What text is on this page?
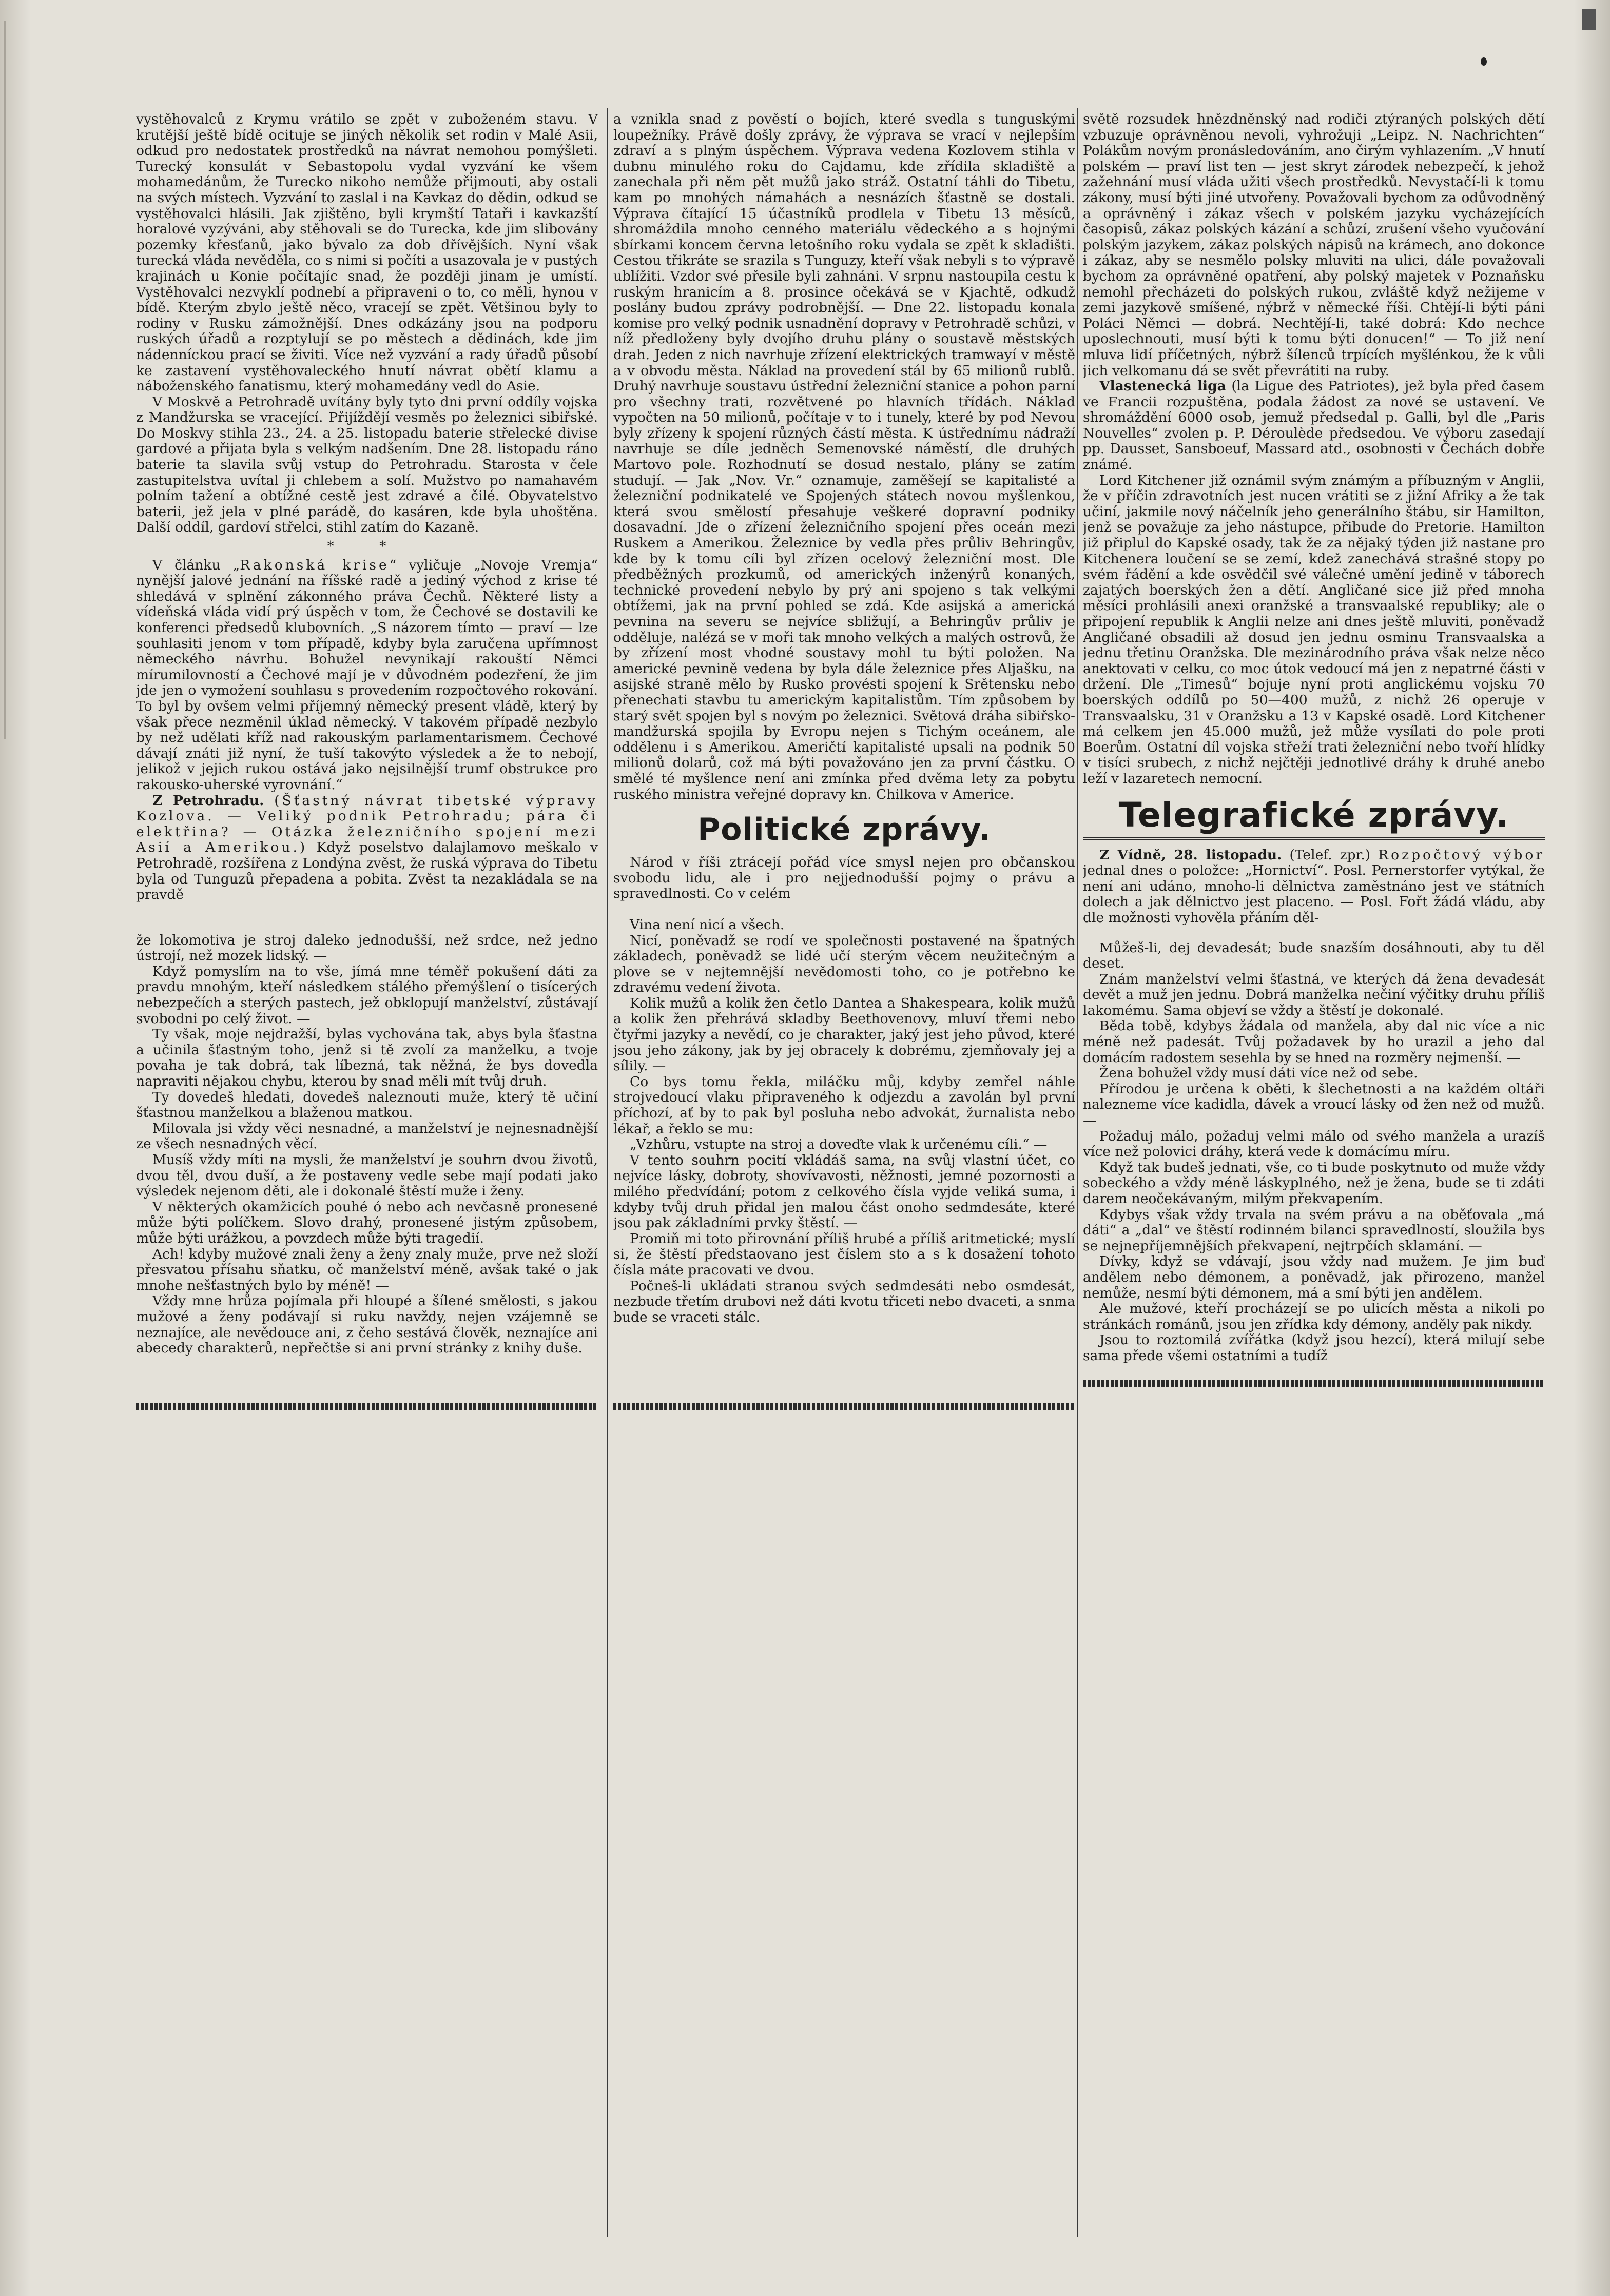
vystěhovalců z Krymu vrátilo se zpět v zuboženém stavu. V krutější ještě bídě ocituje se jiných několik set rodin v Malé Asii, odkud pro nedostatek prostředků na návrat nemohou pomýšleti. Turecký konsulát v Sebastopolu vydal vyzvání ke všem mohamedánům, že Turecko nikoho nemůže přijmouti, aby ostali na svých místech. Vyzvání to zaslal i na Kavkaz do dědin, odkud se vystěhovalci hlásili. Jak zjištěno, byli krymští Tataři i kavkazští horalové vyzýváni, aby stěhovali se do Turecka, kde jim slibovány pozemky křesťanů, jako bývalo za dob dřívějších. Nyní však turecká vláda nevěděla, co s nimi si počíti a usazovala je v pustých krajinách u Konie počítajíc snad, že později jinam je umístí. Vystěhovalci nezvyklí podnebí a připraveni o to, co měli, hynou v bídě. Kterým zbylo ještě něco, vracejí se zpět. Většinou byly to rodiny v Rusku zámožnější. Dnes odkázány jsou na podporu ruských úřadů a rozptylují se po městech a dědinách, kde jim nádenníckou prací se živiti. Více než vyzvání a rady úřadů působí ke zastavení vystěhovaleckého hnutí návrat obětí klamu a náboženského fanatismu, který mohamedány vedl do Asie.

V Moskvě a Petrohradě uvítány byly tyto dni první oddíly vojska z Mandžurska se vracející. Přijíždějí vesměs po železnici sibiřské. Do Moskvy stihla 23., 24. a 25. listopadu baterie střelecké divise gardové a přijata byla s velkým nadšením. Dne 28. listopadu ráno baterie ta slavila svůj vstup do Petrohradu. Starosta v čele zastupitelstva uvítal ji chlebem a solí. Mužstvo po namahavém polním tažení a obtížné cestě jest zdravé a čilé. Obyvatelstvo baterii, jež jela v plné parádě, do kasáren, kde byla uhoštěna. Další oddíl, gardoví střelci, stihl zatím do Kazaně.

* *

V článku „Rakonská krise“ vyličuje „Novoje Vremja“ nynější jalové jednání na říšské radě a jediný východ z krise té shledává v splnění zákonného práva Čechů. Některé listy a vídeňská vláda vidí prý úspěch v tom, že Čechové se dostavili ke konferenci předsedů klubovních. „S názorem tímto — praví — lze souhlasiti jenom v tom případě, kdyby byla zaručena upřímnost německého návrhu. Bohužel nevynikají rakouští Němci mírumilovností a Čechové mají je v důvodném podezření, že jim jde jen o vymožení souhlasu s provedením rozpočtového rokování. To byl by ovšem velmi příjemný německý present vládě, který by však přece nezměnil úklad německý. V takovém případě nezbylo by než udělati kříž nad rakouským parlamentarismem. Čechové dávají znáti již nyní, že tuší takovýto výsledek a že to nebojí, jelikož v jejich rukou ostává jako nejsilnější trumf obstrukce pro rakousko-uherské vyrovnání.“

Z Petrohradu. (Šťastný návrat tibetské výpravy Kozlova. — Veliký podnik Petrohradu; pára či elektřina? — Otázka železničního spojení mezi Asií a Amerikou.) Když poselstvo dalajlamovo meškalo v Petrohradě, rozšířena z Londýna zvěst, že ruská výprava do Tibetu byla od Tunguzů přepadena a pobita. Zvěst ta nezakládala se na pravdě

že lokomotiva je stroj daleko jednodušší, než srdce, než jedno ústrojí, než mozek lidský. —

Když pomyslím na to vše, jímá mne téměř pokušení dáti za pravdu mnohým, kteří následkem stálého přemýšlení o tisícerých nebezpečích a sterých pastech, jež obklopují manželství, zůstávají svobodni po celý život. —

Ty však, moje nejdražší, bylas vychována tak, abys byla šťastna a učinila šťastným toho, jenž si tě zvolí za manželku, a tvoje povaha je tak dobrá, tak líbezná, tak něžná, že bys dovedla napraviti nějakou chybu, kterou by snad měli mít tvůj druh.

Ty dovedeš hledati, dovedeš naleznouti muže, který tě učiní šťastnou manželkou a blaženou matkou.

Milovala jsi vždy věci nesnadné, a manželství je nejnesnadnější ze všech nesnadných věcí.

Musíš vždy míti na mysli, že manželství je souhrn dvou životů, dvou těl, dvou duší, a že postaveny vedle sebe mají podati jako výsledek nejenom děti, ale i dokonalé štěstí muže i ženy.

V některých okamžicích pouhé ó nebo ach nevčasně pronesené může býti políčkem. Slovo drahý, pronesené jistým způsobem, může býti urážkou, a povzdech může býti tragedií.

Ach! kdyby mužové znali ženy a ženy znaly muže, prve než složí přesvatou přísahu sňatku, oč manželství méně, avšak také o jak mnohe nešťastných bylo by méně! —

Vždy mne hrůza pojímala při hloupé a šílené smělosti, s jakou mužové a ženy podávají si ruku navždy, nejen vzájemně se neznajíce, ale nevědouce ani, z čeho sestává člověk, neznajíce ani abecedy charakterů, nepřečtše si ani první stránky z knihy duše.

a vznikla snad z pověstí o bojích, které svedla s tunguskými loupežníky. Právě došly zprávy, že výprava se vrací v nejlepším zdraví a s plným úspěchem. Výprava vedena Kozlovem stihla v dubnu minulého roku do Cajdamu, kde zřídila skladiště a zanechala při něm pět mužů jako stráž. Ostatní táhli do Tibetu, kam po mnohých námahách a nesnázích šťastně se dostali. Výprava čítající 15 účastníků prodlela v Tibetu 13 měsíců, shromáždila mnoho cenného materiálu vědeckého a s hojnými sbírkami koncem června letošního roku vydala se zpět k skladišti. Cestou třikráte se srazila s Tunguzy, kteří však nebyli s to výpravě ublížiti. Vzdor své přesile byli zahnáni. V srpnu nastoupila cestu k ruským hranicím a 8. prosince očekává se v Kjachtě, odkudž poslány budou zprávy podrobnější. — Dne 22. listopadu konala komise pro velký podnik usnadnění dopravy v Petrohradě schůzi, v níž předloženy byly dvojího druhu plány o soustavě městských drah. Jeden z nich navrhuje zřízení elektrických tramwayí v městě a v obvodu města. Náklad na provedení stál by 65 milionů rublů. Druhý navrhuje soustavu ústřední železniční stanice a pohon parní pro všechny trati, rozvětvené po hlavních třídách. Náklad vypočten na 50 milionů, počítaje v to i tunely, které by pod Nevou byly zřízeny k spojení různých částí města. K ústřednímu nádraží navrhuje se díle jedněch Semenovské náměstí, dle druhých Martovo pole. Rozhodnutí se dosud nestalo, plány se zatím studují. — Jak „Nov. Vr.“ oznamuje, zaměšejí se kapitalisté a železniční podnikatelé ve Spojených státech novou myšlenkou, která svou smělostí přesahuje veškeré dopravní podniky dosavadní. Jde o zřízení železničního spojení přes oceán mezi Ruskem a Amerikou. Železnice by vedla přes průliv Behringův, kde by k tomu cíli byl zřízen ocelový železniční most. Dle předběžných prozkumů, od amerických inženýrů konaných, technické provedení nebylo by prý ani spojeno s tak velkými obtížemi, jak na první pohled se zdá. Kde asijská a americká pevnina na severu se nejvíce sbližují, a Behringův průliv je odděluje, nalézá se v moři tak mnoho velkých a malých ostrovů, že by zřízení most vhodné soustavy mohl tu býti položen. Na americké pevnině vedena by byla dále železnice přes Aljašku, na asijské straně mělo by Rusko provésti spojení k Srětensku nebo přenechati stavbu tu americkým kapitalistům. Tím způsobem by starý svět spojen byl s novým po železnici. Světová dráha sibiřsko-mandžurská spojila by Evropu nejen s Tichým oceánem, ale oddělenu i s Amerikou. Američtí kapitalisté upsali na podnik 50 milionů dolarů, což má býti považováno jen za první částku. O smělé té myšlence není ani zmínka před dvěma lety za pobytu ruského ministra veřejné dopravy kn. Chilkova v Americe.

Politické zprávy.

Národ v říši ztrácejí pořád více smysl nejen pro občanskou svobodu lidu, ale i pro nejjednodušší pojmy o právu a spravedlnosti. Co v celém

Vina není nicí a všech.

Nicí, poněvadž se rodí ve společnosti postavené na špatných základech, poněvadž se lidé učí sterým věcem neužitečným a plove se v nejtemnější nevědomosti toho, co je potřebno ke zdravému vedení života.

Kolik mužů a kolik žen četlo Dantea a Shakespeara, kolik mužů a kolik žen přehrává skladby Beethovenovy, mluví třemi nebo čtyřmi jazyky a nevědí, co je charakter, jaký jest jeho původ, které jsou jeho zákony, jak by jej obracely k dobrému, zjemňovaly jej a sílily. —

Co bys tomu řekla, miláčku můj, kdyby zemřel náhle strojvedoucí vlaku připraveného k odjezdu a zavolán byl první příchozí, ať by to pak byl posluha nebo advokát, žurnalista nebo lékař, a řeklo se mu:

„Vzhůru, vstupte na stroj a doveďte vlak k určenému cíli.“ —

V tento souhrn pocití vkládáš sama, na svůj vlastní účet, co nejvíce lásky, dobroty, shovívavosti, něžnosti, jemné pozornosti a milého předvídání; potom z celkového čísla vyjde veliká suma, i kdyby tvůj druh přidal jen malou část onoho sedmdesáte, které jsou pak základními prvky štěstí. —

Promiň mi toto přirovnání příliš hrubé a příliš aritmetické; myslí si, že štěstí předstaovano jest číslem sto a s k dosažení tohoto čísla máte pracovati ve dvou.

Počneš-li ukládati stranou svých sedmdesáti nebo osmdesát, nezbude třetím drubovi než dáti kvotu třiceti nebo dvaceti, a snma bude se vraceti stálc.

světě rozsudek hnězdněnský nad rodiči ztýraných polských dětí vzbuzuje oprávněnou nevoli, vyhrožuji „Leipz. N. Nachrichten“ Polákům novým pronásledováním, ano čirým vyhlazením. „V hnutí polském — praví list ten — jest skryt zárodek nebezpečí, k jehož zažehnání musí vláda užiti všech prostředků. Nevystačí-li k tomu zákony, musí býti jiné utvořeny. Považovali bychom za odůvodněný a oprávněný i zákaz všech v polském jazyku vycházejících časopisů, zákaz polských kázání a schůzí, zrušení všeho vyučování polským jazykem, zákaz polských nápisů na krámech, ano dokonce i zákaz, aby se nesmělo polsky mluviti na ulici, dále považovali bychom za oprávněné opatření, aby polský majetek v Poznaňsku nemohl přecházeti do polských rukou, zvláště když nežijeme v zemi jazykově smíšené, nýbrž v německé říši. Chtějí-li býti páni Poláci Němci — dobrá. Nechtějí-li, také dobrá: Kdo nechce uposlechnouti, musí býti k tomu býti donucen!“ — To již není mluva lidí příčetných, nýbrž šílenců trpících myšlénkou, že k vůli jich velkomanu dá se svět převrátiti na ruby.

Vlastenecká liga (la Ligue des Patriotes), jež byla před časem ve Francii rozpuštěna, podala žádost za nové se ustavení. Ve shromáždění 6000 osob, jemuž předsedal p. Galli, byl dle „Paris Nouvelles“ zvolen p. P. Déroulède předsedou. Ve výboru zasedají pp. Dausset, Sansboeuf, Massard atd., osobnosti v Čechách dobře známé.

Lord Kitchener již oznámil svým známým a příbuzným v Anglii, že v příčin zdravotních jest nucen vrátiti se z jižní Afriky a že tak učiní, jakmile nový náčelník jeho generálního štábu, sir Hamilton, jenž se považuje za jeho nástupce, přibude do Pretorie. Hamilton již připlul do Kapské osady, tak že za nějaký týden již nastane pro Kitchenera loučení se se zemí, kdež zanechává strašné stopy po svém řádění a kde osvědčil své válečné umění jedině v táborech zajatých boerských žen a dětí. Angličané sice již před mnoha měsíci prohlásili anexi oranžské a transvaalské republiky; ale o připojení republik k Anglii nelze ani dnes ještě mluviti, poněvadž Angličané obsadili až dosud jen jednu osminu Transvaalska a jednu třetinu Oranžska. Dle mezinárodního práva však nelze něco anektovati v celku, co moc útok vedoucí má jen z nepatrné části v držení. Dle „Timesů“ bojuje nyní proti anglickému vojsku 70 boerských oddílů po 50—400 mužů, z nichž 26 operuje v Transvaalsku, 31 v Oranžsku a 13 v Kapské osadě. Lord Kitchener má celkem jen 45.000 mužů, jež může vysílati do pole proti Boerům. Ostatní díl vojska střeží trati železniční nebo tvoří hlídky v tisíci srubech, z nichž nejčtěji jednotlivé dráhy k druhé anebo leží v lazaretech nemocní.

Telegrafické zprávy.

Z Vídně, 28. listopadu. (Telef. zpr.) Rozpočtový výbor jednal dnes o položce: „Hornictví“. Posl. Pernerstorfer vytýkal, že není ani udáno, mnoho-li dělnictva zaměstnáno jest ve státních dolech a jak dělnictvo jest placeno. — Posl. Fořt žádá vládu, aby dle možnosti vyhověla přáním děl-

Můžeš-li, dej devadesát; bude snazším dosáhnouti, aby tu děl deset.

Znám manželství velmi šťastná, ve kterých dá žena devadesát devět a muž jen jednu. Dobrá manželka nečiní výčitky druhu příliš lakomému. Sama objeví se vždy a štěstí je dokonalé.

Běda tobě, kdybys žádala od manžela, aby dal nic více a nic méně než padesát. Tvůj požadavek by ho urazil a jeho dal domácím radostem sesehla by se hned na rozměry nejmenší. —

Žena bohužel vždy musí dáti více než od sebe.

Přírodou je určena k oběti, k šlechetnosti a na každém oltáři nalezneme více kadidla, dávek a vroucí lásky od žen než od mužů. —

Požaduj málo, požaduj velmi málo od svého manžela a urazíš více než polovici dráhy, která vede k domácímu míru.

Když tak budeš jednati, vše, co ti bude poskytnuto od muže vždy sobeckého a vždy méně láskyplného, než je žena, bude se ti zdáti darem neočekávaným, milým překvapením.

Kdybys však vždy trvala na svém právu a na oběťovala „má dáti“ a „dal“ ve štěstí rodinném bilanci spravedlností, sloužila bys se nejnepříjemnějších překvapení, nejtrpčích sklamání. —

Dívky, když se vdávají, jsou vždy nad mužem. Je jim buď andělem nebo démonem, a poněvadž, jak přirozeno, manžel nemůže, nesmí býti démonem, má a smí býti jen andělem.

Ale mužové, kteří procházejí se po ulicích města a nikoli po stránkách románů, jsou jen zřídka kdy démony, anděly pak nikdy.

Jsou to roztomilá zvířátka (když jsou hezcí), která milují sebe sama přede všemi ostatními a tudíž
